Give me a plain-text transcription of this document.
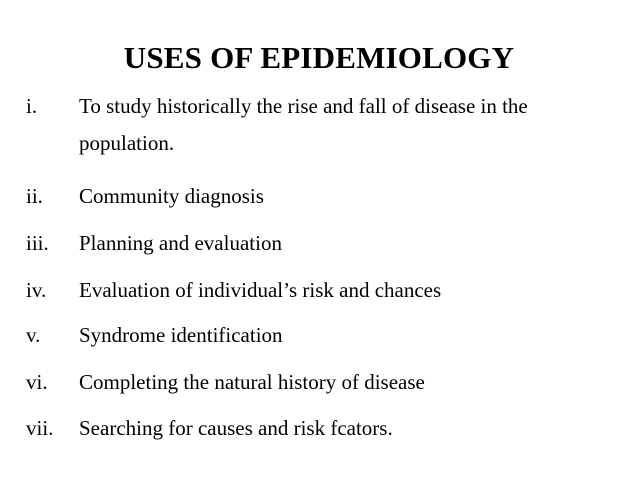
USES OF EPIDEMIOLOGY
i.	To study historically the rise and fall of disease in the
population.
ii.	Community diagnosis
iii.	Planning and evaluation
iv.	Evaluation of individual’s risk and chances
v.	Syndrome identification
vi.	Completing the natural history of disease
vii.	Searching for causes and risk fcators.
